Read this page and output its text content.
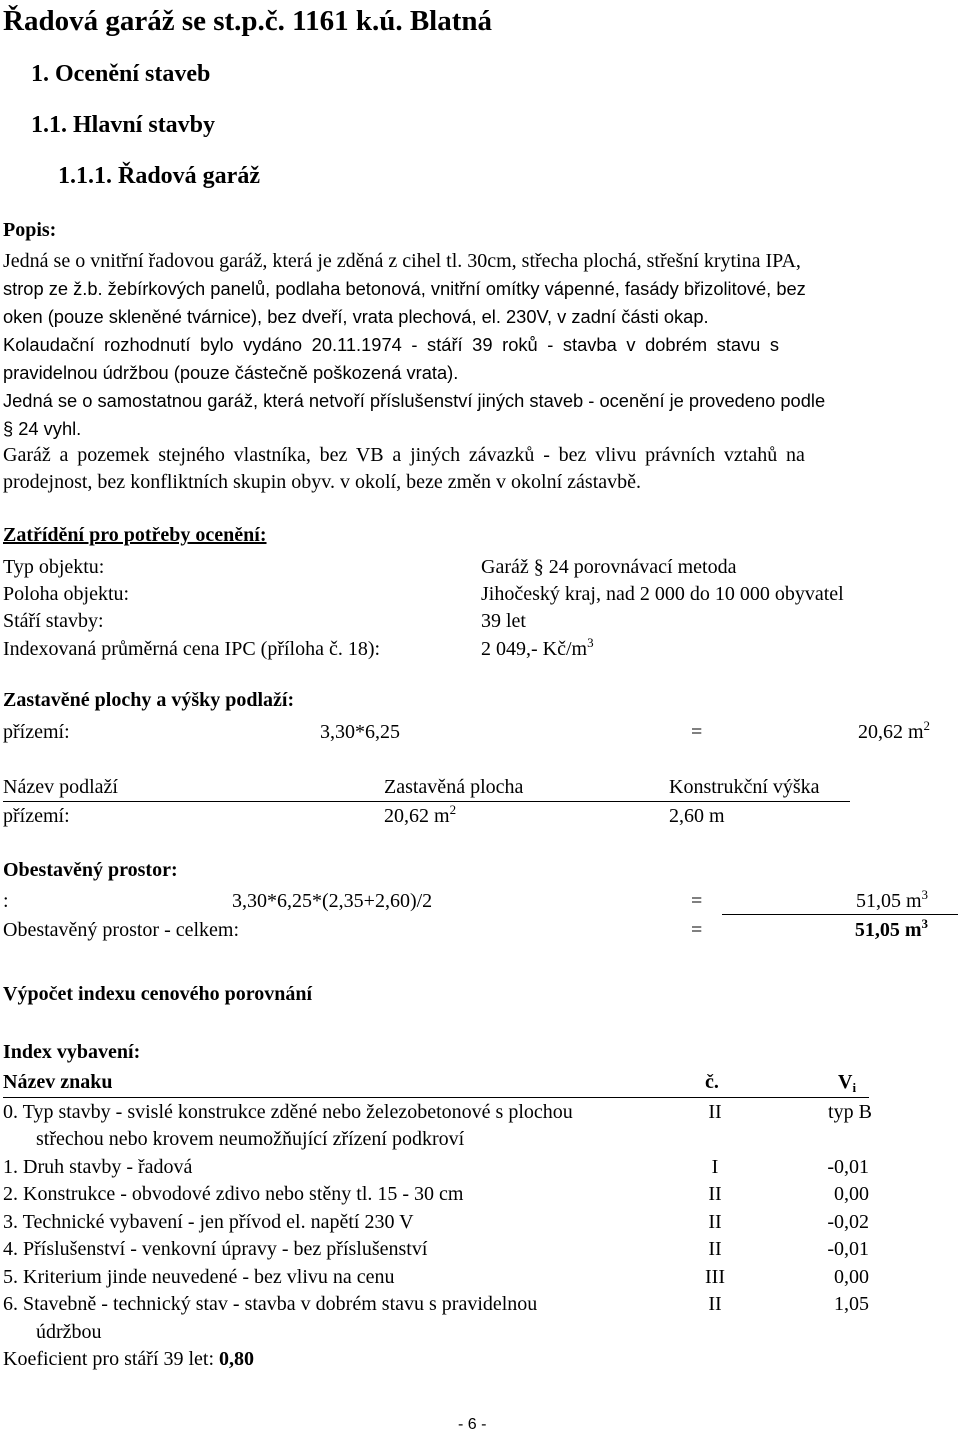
Řadová garáž se st.p.č. 1161 k.ú. Blatná
1. Ocenění staveb
1.1. Hlavní stavby
1.1.1. Řadová garáž
Popis:
Jedná se o vnitřní řadovou garáž, která je zděná z cihel tl. 30cm, střecha plochá, střešní krytina IPA,
strop ze ž.b. žebírkových panelů, podlaha betonová, vnitřní omítky vápenné, fasády břizolitové, bez
oken (pouze skleněné tvárnice), bez dveří, vrata plechová, el. 230V, v zadní části okap.
Kolaudační rozhodnutí bylo vydáno 20.11.1974 - stáří 39 roků - stavba v dobrém stavu s
pravidelnou údržbou (pouze částečně poškozená vrata).
Jedná se o samostatnou garáž, která netvoří příslušenství jiných staveb - ocenění je provedeno podle
§ 24 vyhl.
Garáž a pozemek stejného vlastníka, bez VB a jiných závazků - bez vlivu právních vztahů na
prodejnost, bez konfliktních skupin obyv. v okolí, beze změn v okolní zástavbě.
Zatřídění pro potřeby ocenění:
Typ objektu:	Garáž § 24 porovnávací metoda
Poloha objektu:	Jihočeský kraj, nad 2 000 do 10 000 obyvatel
Stáří stavby:	39 let
Indexovaná průměrná cena IPC (příloha č. 18):	2 049,- $Kč/m^3$
Zastavěné plochy a výšky podlaží:
přízemí:	3,30*6,25	=	20,62 $m^2$
Název podlaží	Zastavěná plocha	Konstrukční výška
přízemí:	20,62 $m^2$	2,60 m
Obestavěný prostor:
:	3,30*6,25*(2,35+2,60)/2	=	51,05 $m^3$
Obestavěný prostor - celkem:	=	51,05 $m^3$
Výpočet indexu cenového porovnání
Index vybavení:
Název znaku	č.	$V_i$
0. Typ stavby - svislé konstrukce zděné nebo železobetonové s plochou
střechou nebo krovem neumožňující zřízení podkroví
II	typ B
1. Druh stavby - řadová	I	-0,01
2. Konstrukce - obvodové zdivo nebo stěny tl. 15 - 30 cm	II	0,00
3. Technické vybavení - jen přívod el. napětí 230 V	II	-0,02
4. Příslušenství - venkovní úpravy - bez příslušenství	II	-0,01
5. Kriterium jinde neuvedené - bez vlivu na cenu	III	0,00
6. Stavebně - technický stav - stavba v dobrém stavu s pravidelnou
údržbou
II	1,05
Koeficient pro stáří 39 let: 0,80
- 6 -
